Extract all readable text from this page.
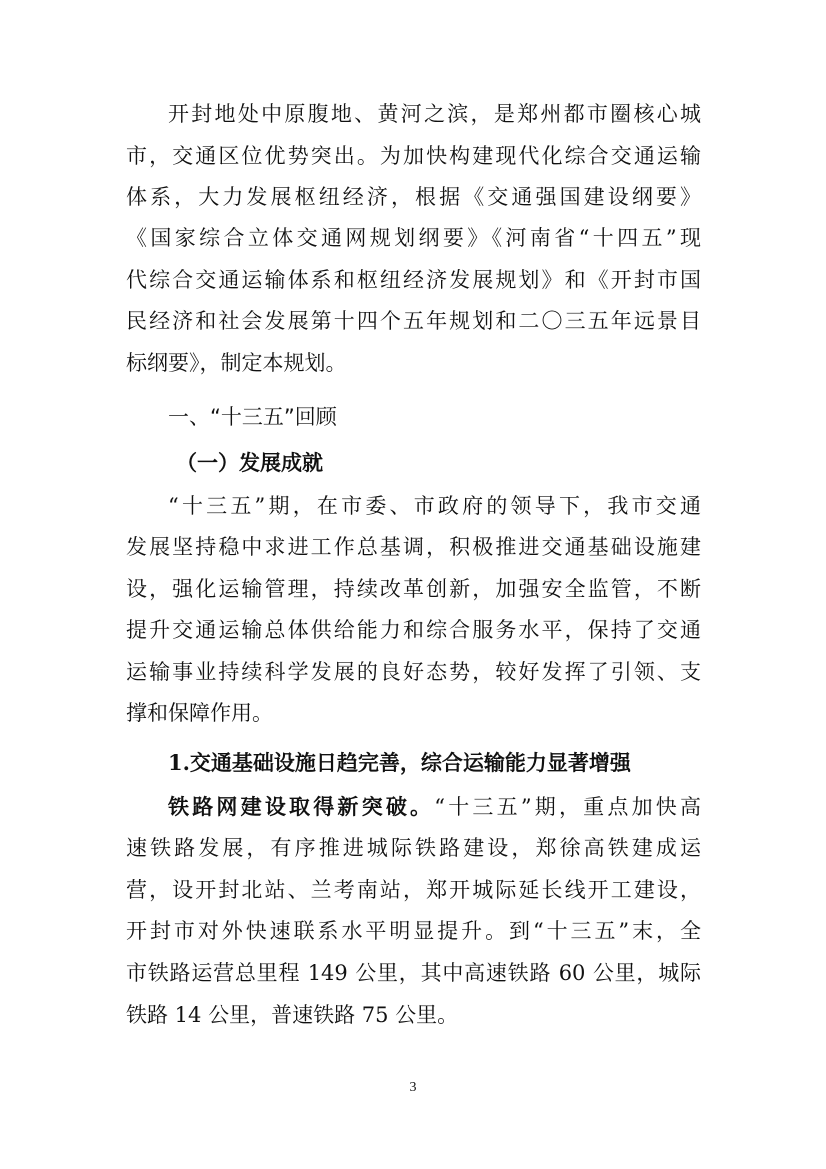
开封地处中原腹地、黄河之滨，是郑州都市圈核心城
市，交通区位优势突出。为加快构建现代化综合交通运输
体系，大力发展枢纽经济，根据《交通强国建设纲要》
《国家综合立体交通网规划纲要》《河南省“十四五”现
代综合交通运输体系和枢纽经济发展规划》和《开封市国
民经济和社会发展第十四个五年规划和二〇三五年远景目
标纲要》，制定本规划。
一、“十三五”回顾
（一）发展成就
“十三五”期，在市委、市政府的领导下，我市交通
发展坚持稳中求进工作总基调，积极推进交通基础设施建
设，强化运输管理，持续改革创新，加强安全监管，不断
提升交通运输总体供给能力和综合服务水平，保持了交通
运输事业持续科学发展的良好态势，较好发挥了引领、支
撑和保障作用。
1.交通基础设施日趋完善，综合运输能力显著增强
铁路网建设取得新突破。“十三五”期，重点加快高
速铁路发展，有序推进城际铁路建设，郑徐高铁建成运
营，设开封北站、兰考南站，郑开城际延长线开工建设，
开封市对外快速联系水平明显提升。到“十三五”末，全
市铁路运营总里程 149 公里，其中高速铁路 60 公里，城际
铁路 14 公里，普速铁路 75 公里。
3
